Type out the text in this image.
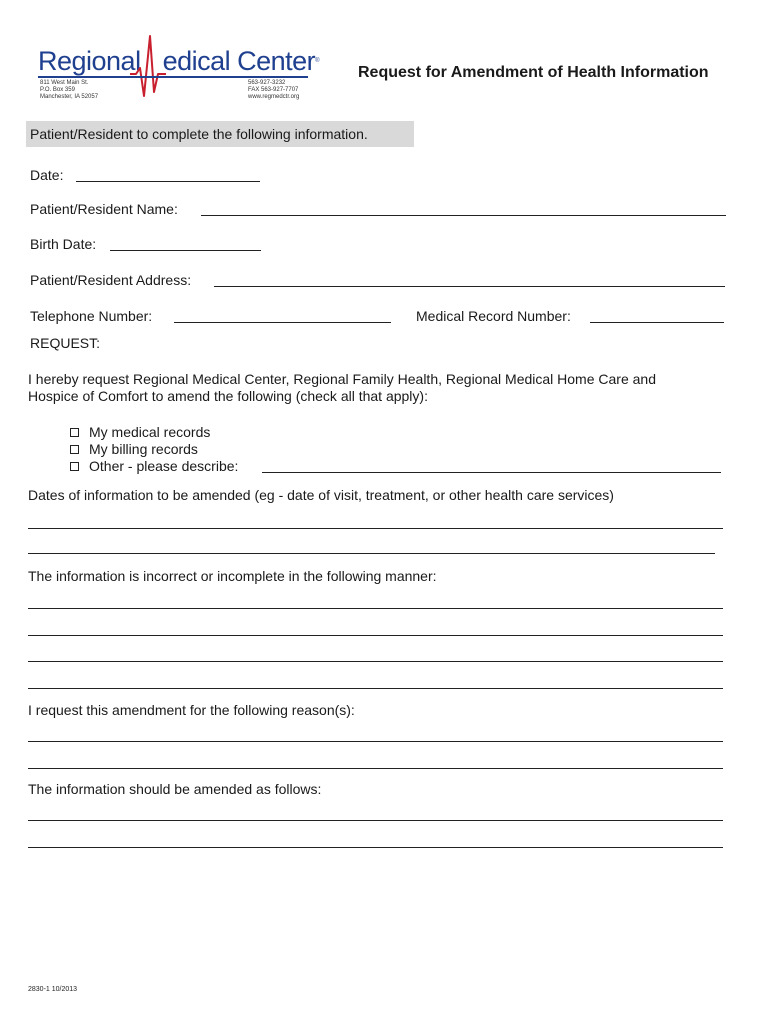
Regional edical Center®
811 West Main St.
P.O. Box 359
Manchester, IA 52057
563-927-3232
FAX 563-927-7707
www.regmedctr.org
Request for Amendment of Health Information
Patient/Resident to complete the following information.
Date:
Patient/Resident Name:
Birth Date:
Patient/Resident Address:
Telephone Number:	Medical Record Number:
REQUEST:
I hereby request Regional Medical Center, Regional Family Health, Regional Medical Home Care and
Hospice of Comfort to amend the following (check all that apply):
My medical records
My billing records
Other - please describe:
Dates of information to be amended (eg - date of visit, treatment, or other health care services)
The information is incorrect or incomplete in the following manner:
I request this amendment for the following reason(s):
The information should be amended as follows:
2830-1 10/2013
